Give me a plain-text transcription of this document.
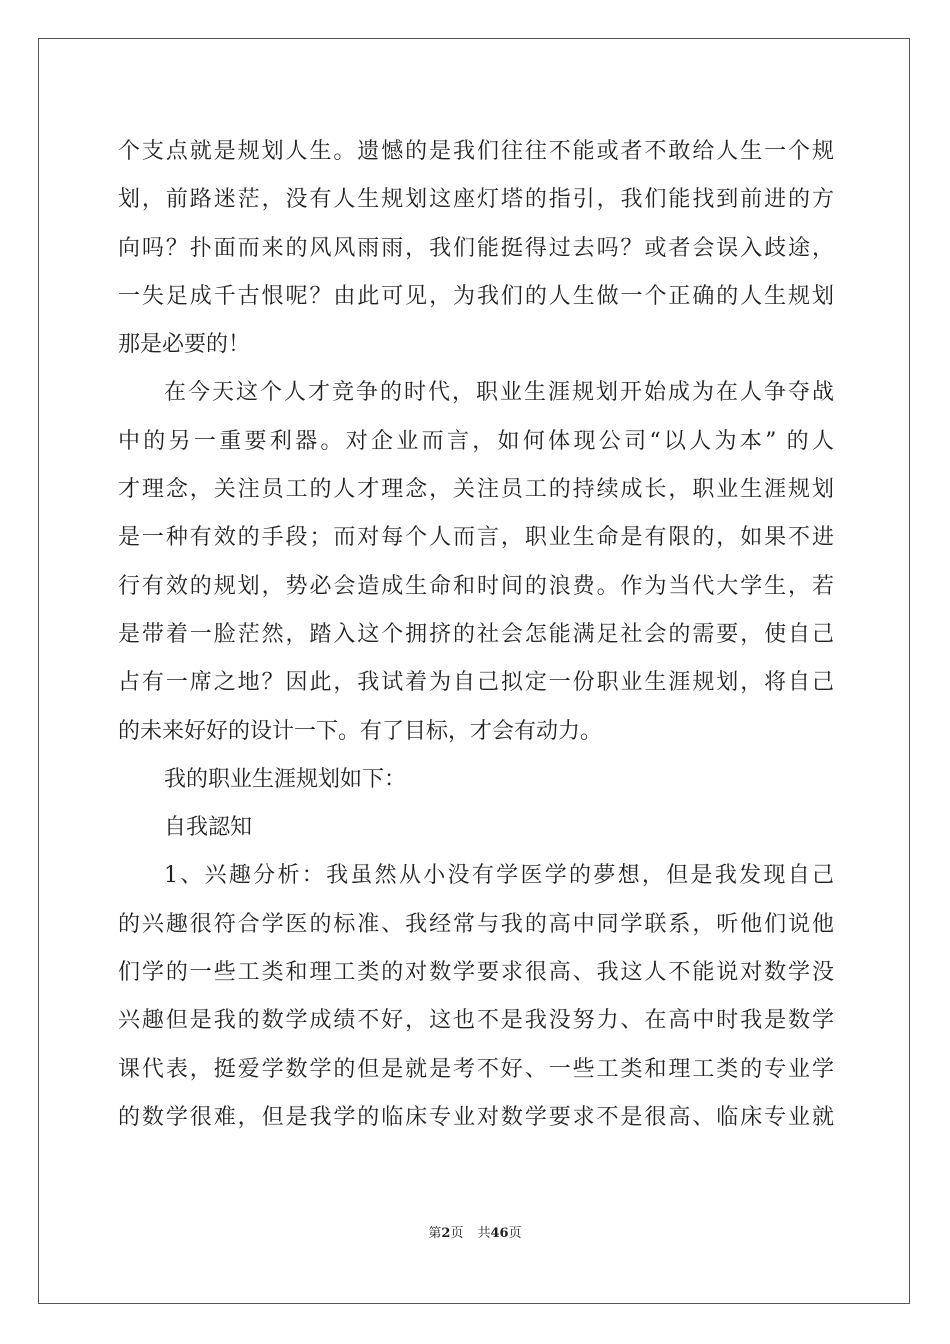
个支点就是规划人生。遗憾的是我们往往不能或者不敢给人生一个规
划，前路迷茫，没有人生规划这座灯塔的指引，我们能找到前进的方
向吗？扑面而来的风风雨雨，我们能挺得过去吗？或者会误入歧途，
一失足成千古恨呢？由此可见，为我们的人生做一个正确的人生规划
那是必要的！
在今天这个人才竞争的时代，职业生涯规划开始成为在人争夺战
中的另一重要利器。对企业而言，如何体现公司“以人为本” 的人
才理念，关注员工的人才理念，关注员工的持续成长，职业生涯规划
是一种有效的手段；而对每个人而言，职业生命是有限的，如果不进
行有效的规划，势必会造成生命和时间的浪费。作为当代大学生，若
是带着一脸茫然，踏入这个拥挤的社会怎能满足社会的需要，使自己
占有一席之地？因此，我试着为自己拟定一份职业生涯规划，将自己
的未来好好的设计一下。有了目标，才会有动力。
我的职业生涯规划如下：
自我認知
1、兴趣分析：我虽然从小没有学医学的夢想，但是我发现自己
的兴趣很符合学医的标准、我经常与我的高中同学联系，听他们说他
们学的一些工类和理工类的对数学要求很高、我这人不能说对数学没
兴趣但是我的数学成绩不好，这也不是我没努力、在高中时我是数学
课代表，挺爱学数学的但是就是考不好、一些工类和理工类的专业学
的数学很难，但是我学的临床专业对数学要求不是很高、临床专业就
第2页 共46页
